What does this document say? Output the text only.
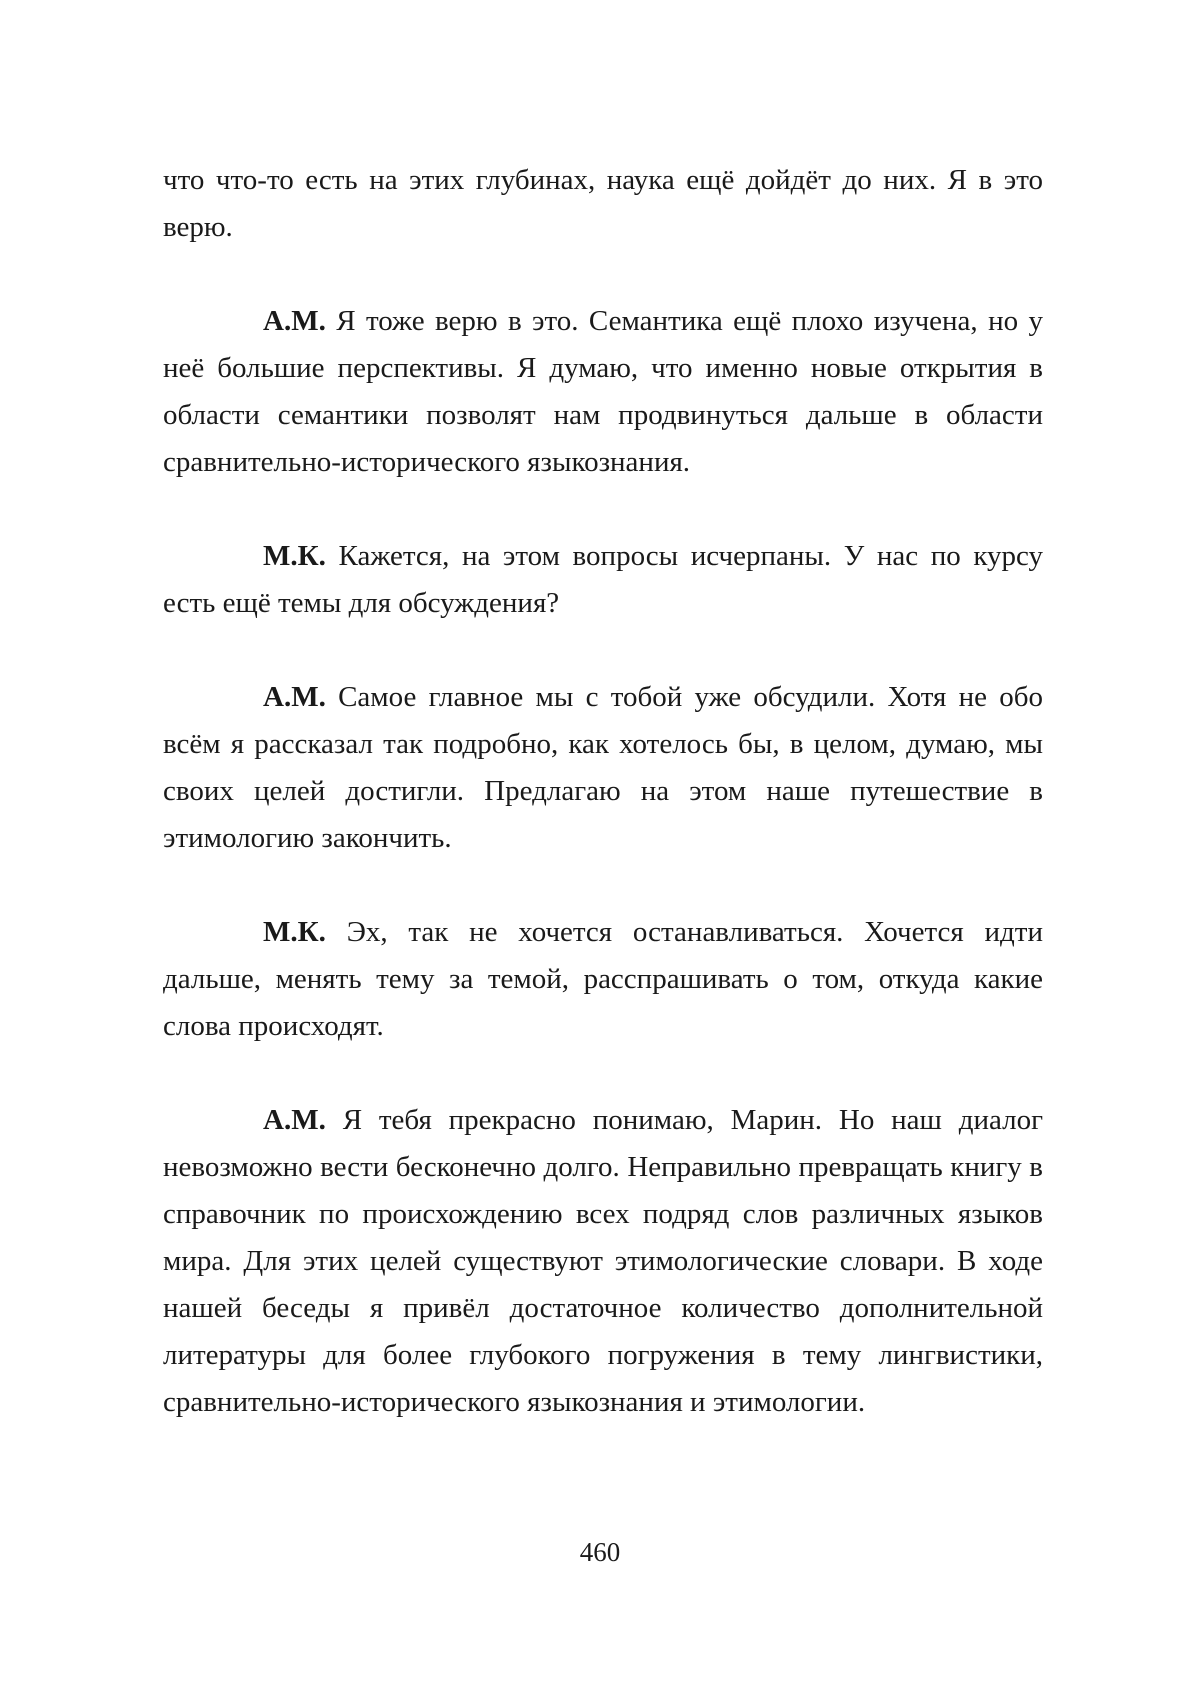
что что-то есть на этих глубинах, наука ещё дойдёт до них. Я в это верю.

А.М. Я тоже верю в это. Семантика ещё плохо изучена, но у неё большие перспективы. Я думаю, что именно новые открытия в области семантики позволят нам продвинуться дальше в области сравнительно-исторического языкознания.

М.К. Кажется, на этом вопросы исчерпаны. У нас по курсу есть ещё темы для обсуждения?

А.М. Самое главное мы с тобой уже обсудили. Хотя не обо всём я рассказал так подробно, как хотелось бы, в целом, думаю, мы своих целей достигли. Предлагаю на этом наше путешествие в этимологию закончить.

М.К. Эх, так не хочется останавливаться. Хочется идти дальше, менять тему за темой, расспрашивать о том, откуда какие слова происходят.

А.М. Я тебя прекрасно понимаю, Марин. Но наш диалог невозможно вести бесконечно долго. Неправильно превращать книгу в справочник по происхождению всех подряд слов различных языков мира. Для этих целей существуют этимологические словари. В ходе нашей беседы я привёл достаточное количество дополнительной литературы для более глубокого погружения в тему лингвистики, сравнительно-исторического языкознания и этимологии.

460
